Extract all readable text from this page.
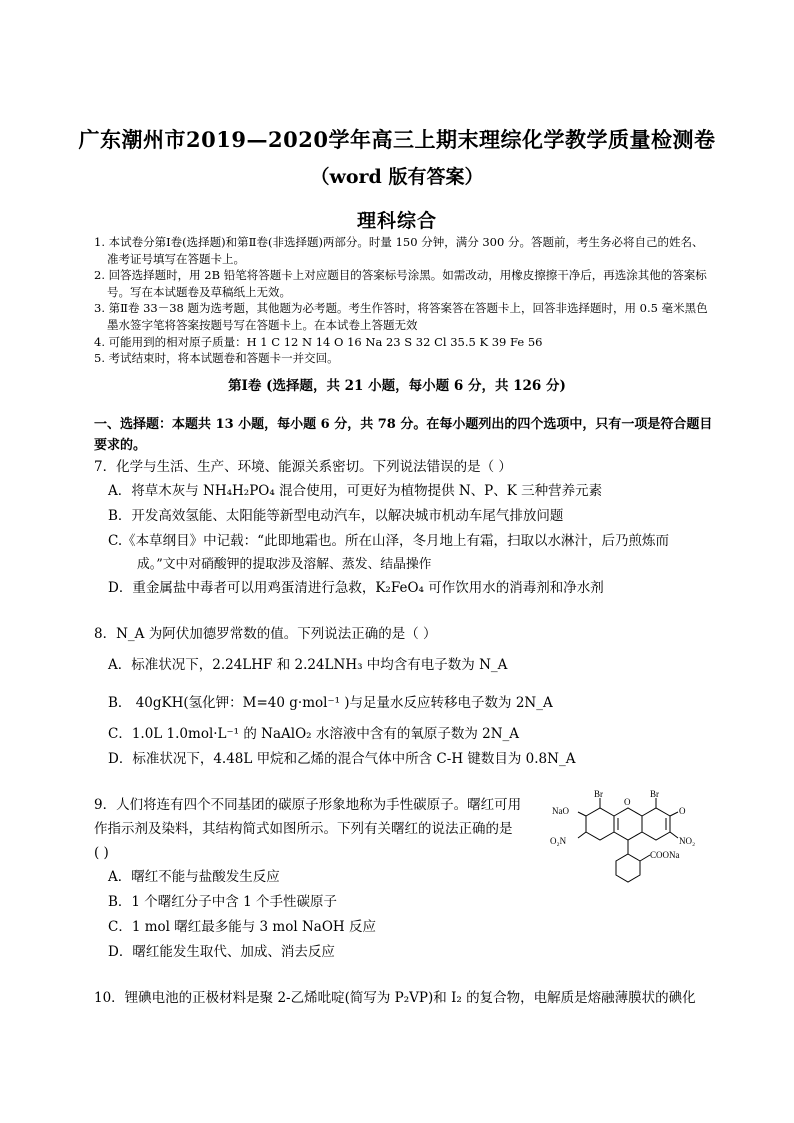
广东潮州市2019—2020学年高三上期末理综化学教学质量检测卷
（word 版有答案）
理科综合
1. 本试卷分第Ⅰ卷(选择题)和第Ⅱ卷(非选择题)两部分。时量 150 分钟，满分 300 分。答题前，考生务必将自己的姓名、准考证号填写在答题卡上。
2. 回答选择题时，用 2B 铅笔将答题卡上对应题目的答案标号涂黑。如需改动，用橡皮擦擦干净后，再选涂其他的答案标号。写在本试题卷及草稿纸上无效。
3. 第Ⅱ卷 33－38 题为选考题，其他题为必考题。考生作答时，将答案答在答题卡上，回答非选择题时，用 0.5 毫米黑色墨水签字笔将答案按题号写在答题卡上。在本试卷上答题无效
4. 可能用到的相对原子质量：H 1 C 12 N 14 O 16 Na 23 S 32 Cl 35.5 K 39 Fe 56
5. 考试结束时，将本试题卷和答题卡一并交回。
第Ⅰ卷 (选择题，共 21 小题，每小题 6 分，共 126 分)
一、选择题：本题共 13 小题，每小题 6 分，共 78 分。在每小题列出的四个选项中，只有一项是符合题目要求的。
7．化学与生活、生产、环境、能源关系密切。下列说法错误的是（ ）
A．将草木灰与 NH₄H₂PO₄ 混合使用，可更好为植物提供 N、P、K 三种营养元素
B．开发高效氢能、太阳能等新型电动汽车，以解决城市机动车尾气排放问题
C.《本草纲目》中记载：“此即地霜也。所在山泽，冬月地上有霜，扫取以水淋汁，后乃煎炼而
成。”文中对硝酸钾的提取涉及溶解、蒸发、结晶操作
D．重金属盐中毒者可以用鸡蛋清进行急救，K₂FeO₄ 可作饮用水的消毒剂和净水剂
8．N_A 为阿伏加德罗常数的值。下列说法正确的是（ ）
A．标准状况下，2.24LHF 和 2.24LNH₃ 中均含有电子数为 N_A
B． 40gKH(氢化钾：M=40 g·mol⁻¹ )与足量水反应转移电子数为 2N_A
C．1.0L 1.0mol·L⁻¹ 的 NaAlO₂ 水溶液中含有的氧原子数为 2N_A
D．标准状况下，4.48L 甲烷和乙烯的混合气体中所含 C-H 键数目为 0.8N_A
9．人们将连有四个不同基团的碳原子形象地称为手性碳原子。曙红可用
作指示剂及染料，其结构简式如图所示。下列有关曙红的说法正确的是
( )
A．曙红不能与盐酸发生反应
B．1 个曙红分子中含 1 个手性碳原子
C．1 mol 曙红最多能与 3 mol NaOH 反应
D．曙红能发生取代、加成、消去反应
Br	Br
NaO
O
O
O₂N	NO₂
COONa
10．锂碘电池的正极材料是聚 2-乙烯吡啶(简写为 P₂VP)和 I₂ 的复合物，电解质是熔融薄膜状的碘化
